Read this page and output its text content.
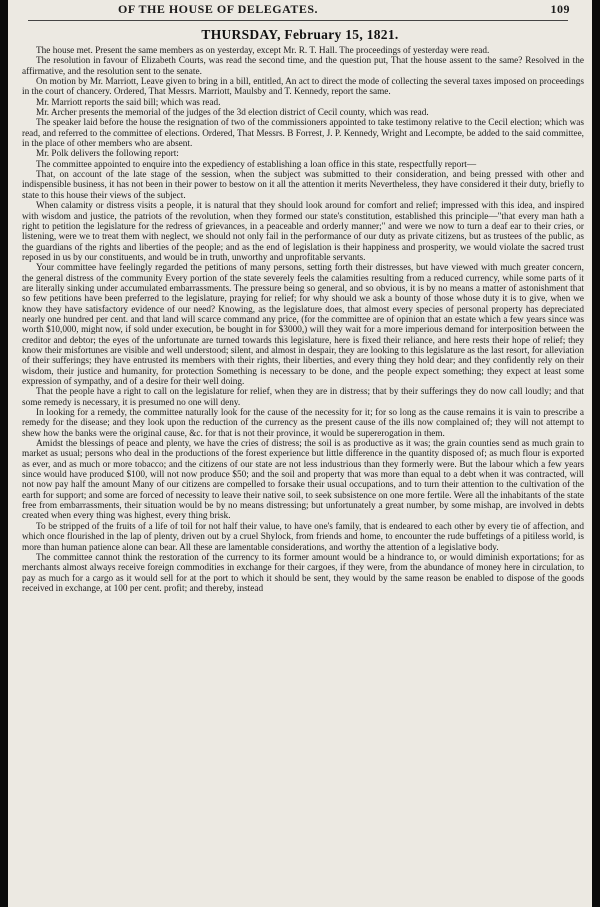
OF THE HOUSE OF DELEGATES.	109
THURSDAY, February 15, 1821.

The house met. Present the same members as on yesterday, except Mr. R. T. Hall. The proceedings of yesterday were read.

The resolution in favour of Elizabeth Courts, was read the second time, and the question put, That the house assent to the same? Resolved in the affirmative, and the resolution sent to the senate.

On motion by Mr. Marriott, Leave given to bring in a bill, entitled, An act to direct the mode of collecting the several taxes imposed on proceedings in the court of chancery. Ordered, That Messrs. Marriott, Maulsby and T. Kennedy, report the same.

Mr. Marriott reports the said bill; which was read.

Mr. Archer presents the memorial of the judges of the 3d election district of Cecil county, which was read.

The speaker laid before the house the resignation of two of the commissioners appointed to take testimony relative to the Cecil election; which was read, and referred to the committee of elections. Ordered, That Messrs. B Forrest, J. P. Kennedy, Wright and Lecompte, be added to the said committee, in the place of other members who are absent.

Mr. Polk delivers the following report:

The committee appointed to enquire into the expediency of establishing a loan office in this state, respectfully report—

That, on account of the late stage of the session, when the subject was submitted to their consideration, and being pressed with other and indispensible business, it has not been in their power to bestow on it all the attention it merits Nevertheless, they have considered it their duty, briefly to state to this house their views of the subject.

When calamity or distress visits a people, it is natural that they should look around for comfort and relief; impressed with this idea, and inspired with wisdom and justice, the patriots of the revolution, when they formed our state's constitution, established this principle—"that every man hath a right to petition the legislature for the redress of grievances, in a peaceable and orderly manner;" and were we now to turn a deaf ear to their cries, or listening, were we to treat them with neglect, we should not only fail in the performance of our duty as private citizens, but as trustees of the public, as the guardians of the rights and liberties of the people; and as the end of legislation is their happiness and prosperity, we would violate the sacred trust reposed in us by our constituents, and would be in truth, unworthy and unprofitable servants.

Your committee have feelingly regarded the petitions of many persons, setting forth their distresses, but have viewed with much greater concern, the general distress of the community Every portion of the state severely feels the calamities resulting from a reduced currency, while some parts of it are literally sinking under accumulated embarrassments. The pressure being so general, and so obvious, it is by no means a matter of astonishment that so few petitions have been preferred to the legislature, praying for relief; for why should we ask a bounty of those whose duty it is to give, when we know they have satisfactory evidence of our need? Knowing, as the legislature does, that almost every species of personal property has depreciated nearly one hundred per cent. and that land will scarce command any price, (for the committee are of opinion that an estate which a few years since was worth $10,000, might now, if sold under execution, be bought in for $3000,) will they wait for a more imperious demand for interposition between the creditor and debtor; the eyes of the unfortunate are turned towards this legislature, here is fixed their reliance, and here rests their hope of relief; they know their misfortunes are visible and well understood; silent, and almost in despair, they are looking to this legislature as the last resort, for alleviation of their sufferings; they have entrusted its members with their rights, their liberties, and every thing they hold dear; and they confidently rely on their wisdom, their justice and humanity, for protection Something is necessary to be done, and the people expect something; they expect at least some expression of sympathy, and of a desire for their well doing.

That the people have a right to call on the legislature for relief, when they are in distress; that by their sufferings they do now call loudly; and that some remedy is necessary, it is presumed no one will deny.

In looking for a remedy, the committee naturally look for the cause of the necessity for it; for so long as the cause remains it is vain to prescribe a remedy for the disease; and they look upon the reduction of the currency as the present cause of the ills now complained of; they will not attempt to shew how the banks were the original cause, &c. for that is not their province, it would be supererogation in them.

Amidst the blessings of peace and plenty, we have the cries of distress; the soil is as productive as it was; the grain counties send as much grain to market as usual; persons who deal in the productions of the forest experience but little difference in the quantity disposed of; as much flour is exported as ever, and as much or more tobacco; and the citizens of our state are not less industrious than they formerly were. But the labour which a few years since would have produced $100, will not now produce $50; and the soil and property that was more than equal to a debt when it was contracted, will not now pay half the amount Many of our citizens are compelled to forsake their usual occupations, and to turn their attention to the cultivation of the earth for support; and some are forced of necessity to leave their native soil, to seek subsistence on one more fertile. Were all the inhabitants of the state free from embarrassments, their situation would be by no means distressing; but unfortunately a great number, by some mishap, are involved in debts created when every thing was highest, every thing brisk.

To be stripped of the fruits of a life of toil for not half their value, to have one's family, that is endeared to each other by every tie of affection, and which once flourished in the lap of plenty, driven out by a cruel Shylock, from friends and home, to encounter the rude buffetings of a pitiless world, is more than human patience alone can bear. All these are lamentable considerations, and worthy the attention of a legislative body.

The committee cannot think the restoration of the currency to its former amount would be a hindrance to, or would diminish exportations; for as merchants almost always receive foreign commodities in exchange for their cargoes, if they were, from the abundance of money here in circulation, to pay as much for a cargo as it would sell for at the port to which it should be sent, they would by the same reason be enabled to dispose of the goods received in exchange, at 100 per cent. profit; and thereby, instead
